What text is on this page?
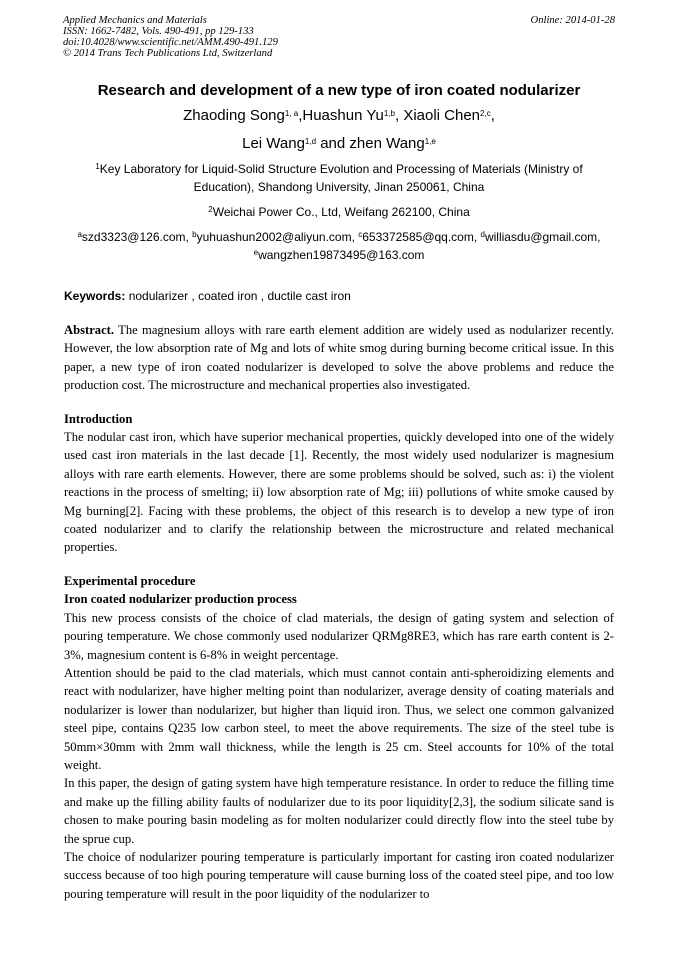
Applied Mechanics and Materials
ISSN: 1662-7482, Vols. 490-491, pp 129-133
doi:10.4028/www.scientific.net/AMM.490-491.129
© 2014 Trans Tech Publications Ltd, Switzerland
Online: 2014-01-28
Research and development of a new type of iron coated nodularizer
Zhaoding Song$^{1, a}$,Huashun Yu$^{1,b}$, Xiaoli Chen$^{2,c}$,
Lei Wang$^{1,d}$ and zhen Wang$^{1,e}$
$^1$Key Laboratory for Liquid-Solid Structure Evolution and Processing of Materials (Ministry of Education), Shandong University, Jinan 250061, China
$^2$Weichai Power Co., Ltd, Weifang 262100, China
$^a$szd3323@126.com, $^b$yuhuashun2002@aliyun.com, $^c$653372585@qq.com, $^d$williasdu@gmail.com,
$^e$wangzhen19873495@163.com
Keywords: nodularizer , coated iron , ductile cast iron

Abstract. The magnesium alloys with rare earth element addition are widely used as nodularizer recently. However, the low absorption rate of Mg and lots of white smog during burning become critical issue. In this paper, a new type of iron coated nodularizer is developed to solve the above problems and reduce the production cost. The microstructure and mechanical properties also investigated.

Introduction

The nodular cast iron, which have superior mechanical properties, quickly developed into one of the widely used cast iron materials in the last decade [1]. Recently, the most widely used nodularizer is magnesium alloys with rare earth elements. However, there are some problems should be solved, such as: i) the violent reactions in the process of smelting; ii) low absorption rate of Mg; iii) pollutions of white smoke caused by Mg burning[2]. Facing with these problems, the object of this research is to develop a new type of iron coated nodularizer and to clarify the relationship between the microstructure and related mechanical properties.

Experimental procedure
Iron coated nodularizer production process

This new process consists of the choice of clad materials, the design of gating system and selection of pouring temperature. We chose commonly used nodularizer QRMg8RE3, which has rare earth content is 2-3%, magnesium content is 6-8% in weight percentage.

Attention should be paid to the clad materials, which must cannot contain anti-spheroidizing elements and react with nodularizer, have higher melting point than nodularizer, average density of coating materials and nodularizer is lower than nodularizer, but higher than liquid iron. Thus, we select one common galvanized steel pipe, contains Q235 low carbon steel, to meet the above requirements. The size of the steel tube is 50mm×30mm with 2mm wall thickness, while the length is 25 cm. Steel accounts for 10% of the total weight.

In this paper, the design of gating system have high temperature resistance. In order to reduce the filling time and make up the filling ability faults of nodularizer due to its poor liquidity[2,3], the sodium silicate sand is chosen to make pouring basin modeling as for molten nodularizer could directly flow into the steel tube by the sprue cup.

The choice of nodularizer pouring temperature is particularly important for casting iron coated nodularizer success because of too high pouring temperature will cause burning loss of the coated steel pipe, and too low pouring temperature will result in the poor liquidity of the nodularizer to
